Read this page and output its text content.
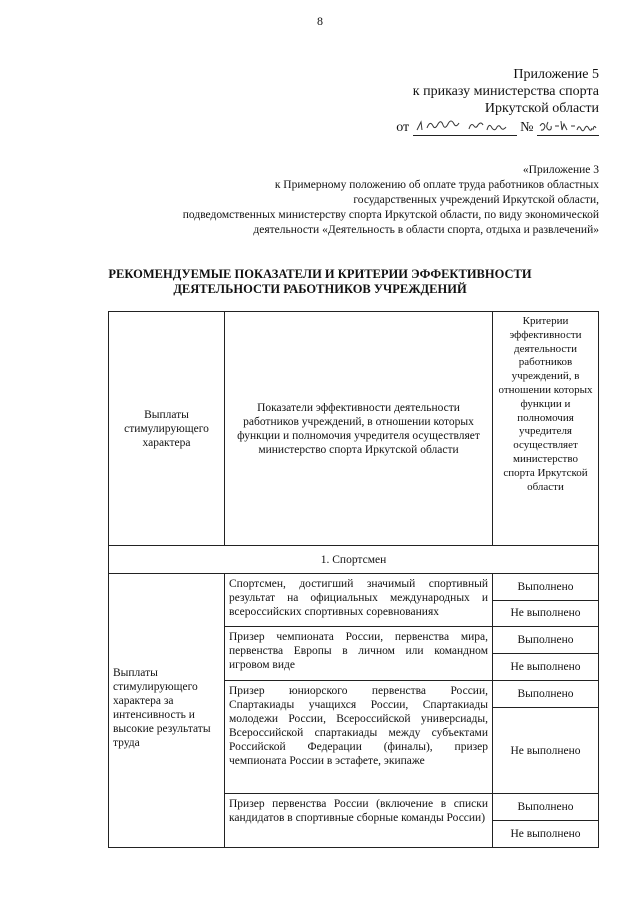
8
Приложение 5
к приказу министерства спорта
Иркутской области
от	№
«Приложение 3
к Примерному положению об оплате труда работников областных
государственных учреждений Иркутской области,
подведомственных министерству спорта Иркутской области, по виду экономической
деятельности «Деятельность в области спорта, отдыха и развлечений»
РЕКОМЕНДУЕМЫЕ ПОКАЗАТЕЛИ И КРИТЕРИИ ЭФФЕКТИВНОСТИ
ДЕЯТЕЛЬНОСТИ РАБОТНИКОВ УЧРЕЖДЕНИЙ
Выплаты стимулирующего характера	Показатели эффективности деятельности работников учреждений, в отношении которых функции и полномочия учредителя осуществляет министерство спорта Иркутской области	Критерии эффективности деятельности работников учреждений, в отношении которых функции и полномочия учредителя осуществляет министерство спорта Иркутской области
1. Спортсмен		
Выплаты стимулирующего характера за интенсивность и высокие результаты труда	Спортсмен, достигший значимый спортивный результат на официальных международных и всероссийских спортивных соревнованиях	Выполнено
		Не выполнено
	Призер чемпионата России, первенства мира, первенства Европы в личном или командном игровом виде	Выполнено
		Не выполнено
	Призер юниорского первенства России, Спартакиады учащихся России, Спартакиады молодежи России, Всероссийской универсиады, Всероссийской спартакиады между субъектами Российской Федерации (финалы), призер чемпионата России в эстафете, экипаже	Выполнено
		Не выполнено
	Призер первенства России (включение в списки кандидатов в спортивные сборные команды России)	Выполнено
		Не выполнено
